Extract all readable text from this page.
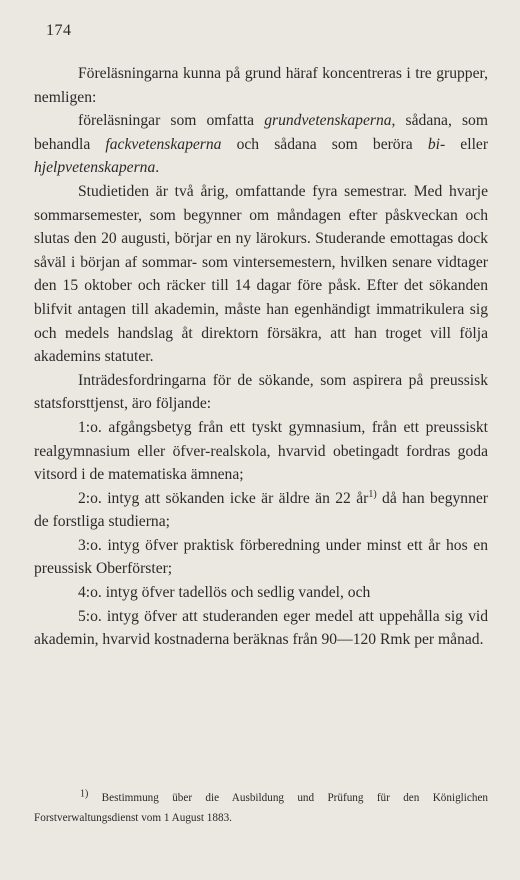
174

Föreläsningarna kunna på grund häraf koncentreras i tre grupper, nemligen:

föreläsningar som omfatta grundvetenskaperna, sådana, som behandla fackvetenskaperna och sådana som beröra bi- eller hjelpvetenskaperna.

Studietiden är två årig, omfattande fyra semestrar. Med hvarje sommarsemester, som begynner om måndagen efter påskveckan och slutas den 20 augusti, börjar en ny lärokurs. Studerande emottagas dock såväl i början af sommar- som vintersemestern, hvilken senare vidtager den 15 oktober och räcker till 14 dagar före påsk. Efter det sökanden blifvit antagen till akademin, måste han egenhändigt immatrikulera sig och medels handslag åt direktorn försäkra, att han troget vill följa akademins statuter.

Inträdesfordringarna för de sökande, som aspirera på preussisk statsforsttjenst, äro följande:

1:o. afgångsbetyg från ett tyskt gymnasium, från ett preussiskt realgymnasium eller öfver-realskola, hvarvid obetingadt fordras goda vitsord i de matematiska ämnena;

2:o. intyg att sökanden icke är äldre än 22 $år^{1)}$ då han begynner de forstliga studierna;

3:o. intyg öfver praktisk förberedning under minst ett år hos en preussisk Oberförster;

4:o. intyg öfver tadellös och sedlig vandel, och

5:o. intyg öfver att studeranden eger medel att uppehålla sig vid akademin, hvarvid kostnaderna beräknas från 90—120 Rmk per månad.

$^{1)}$ Bestimmung über die Ausbildung und Prüfung für den Königlichen Forstverwaltungsdienst vom 1 August 1883.
